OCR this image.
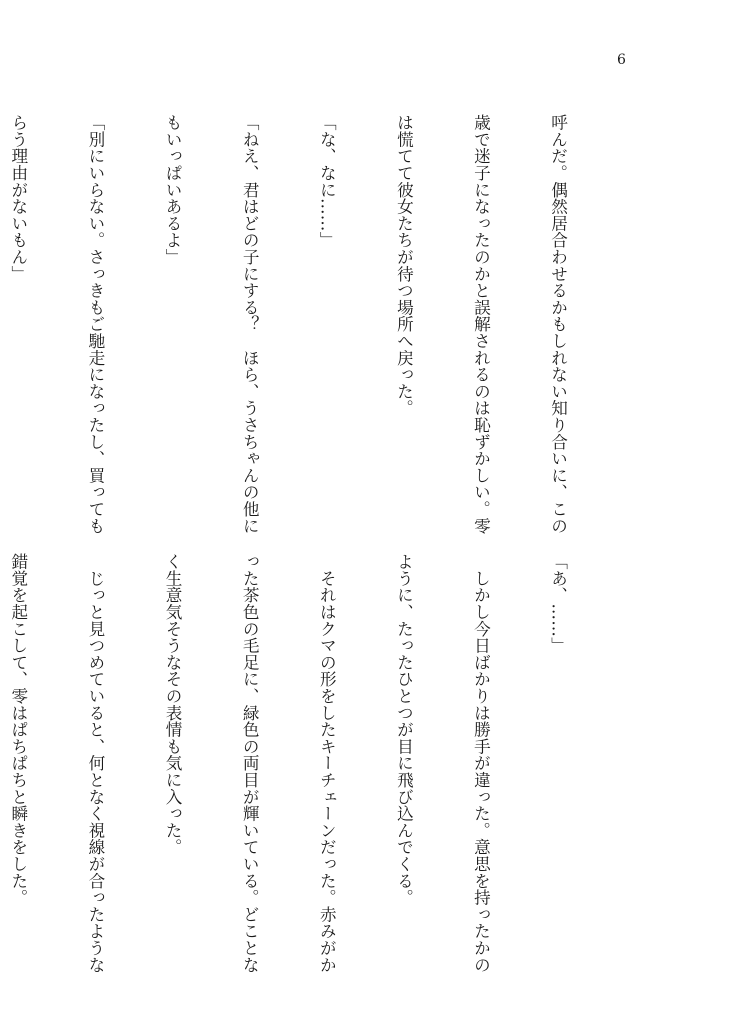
6

呼んだ。偶然居合わせるかもしれない知り合いに、この

歳で迷子になったのかと誤解されるのは恥ずかしい。零

は慌てて彼女たちが待つ場所へ戻った。

「な、なに……」

「ねえ、君はどの子にする？　ほら、うさちゃんの他に

もいっぱいあるよ」

「別にいらない。さっきもご馳走になったし、買っても

らう理由がないもん」

「あ、……」

　しかし今日ばかりは勝手が違った。意思を持ったかの

ように、たったひとつが目に飛び込んでくる。

　それはクマの形をしたキーチェーンだった。赤みがか

った茶色の毛足に、緑色の両目が輝いている。どことな

く生意気そうなその表情も気に入った。

　じっと見つめていると、何となく視線が合ったような

錯覚を起こして、零はぱちぱちと瞬きをした。
